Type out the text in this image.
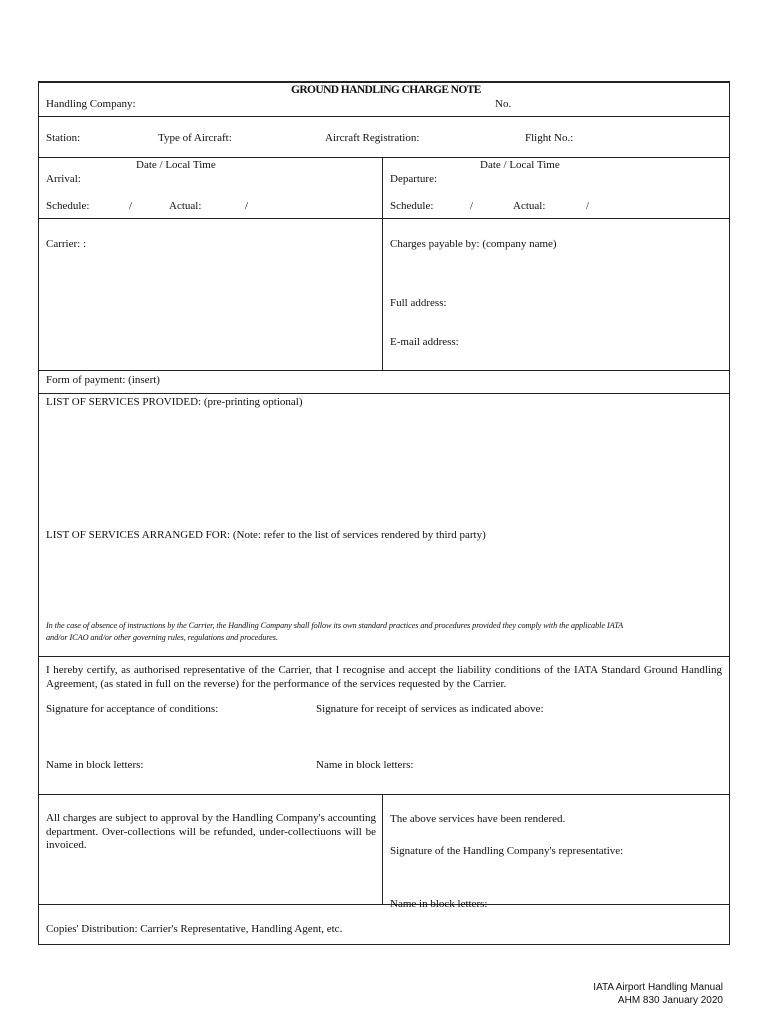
GROUND HANDLING CHARGE NOTE
Handling Company:	No.
Station:	Type of Aircraft:	Aircraft Registration:	Flight No.:
Date / Local Time
Arrival:
Schedule:	/	Actual:	/
Date / Local Time
Departure:
Schedule:	/	Actual:	/
Carrier: :	Charges payable by: (company name)
Full address:
E-mail address:
Form of payment: (insert)
LIST OF SERVICES PROVIDED: (pre-printing optional)
LIST OF SERVICES ARRANGED FOR: (Note: refer to the list of services rendered by third party)
In the case of absence of instructions by the Carrier, the Handling Company shall follow its own standard practices and procedures provided they comply with the applicable IATA
and/or ICAO and/or other governing rules, regulations and procedures.
I hereby certify, as authorised representative of the Carrier, that I recognise and accept the liability conditions of the IATA Standard Ground Handling Agreement, (as stated in full on the reverse) for the performance of the services requested by the Carrier.
Signature for acceptance of conditions:	Signature for receipt of services as indicated above:
Name in block letters:	Name in block letters:
All charges are subject to approval by the Handling Company's accounting department. Over-collections will be refunded, under-collectiuons will be invoiced.
The above services have been rendered.
Signature of the Handling Company's representative:
Name in block letters:
Copies' Distribution: Carrier's Representative, Handling Agent, etc.
IATA Airport Handling Manual
AHM 830 January 2020
